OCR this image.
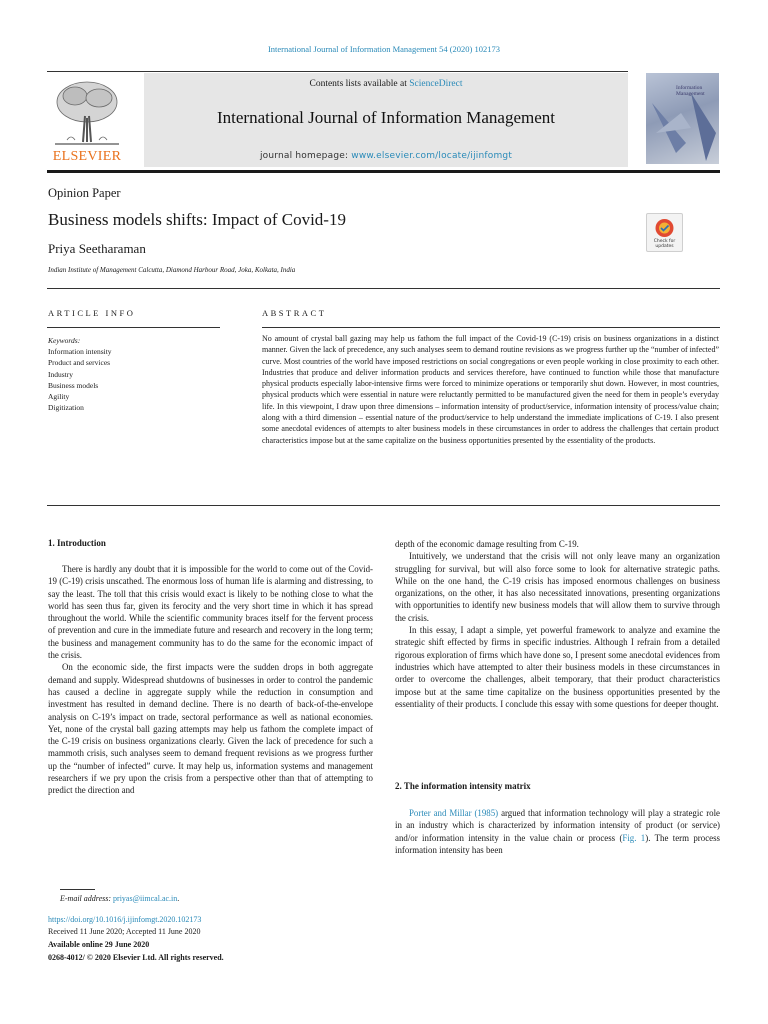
International Journal of Information Management 54 (2020) 102173
ELSEVIER
Contents lists available at ScienceDirect
International Journal of Information Management
journal homepage: www.elsevier.com/locate/ijinfomgt
Information
Management
Opinion Paper
Business models shifts: Impact of Covid-19
Priya Seetharaman
Indian Institute of Management Calcutta, Diamond Harbour Road, Joka, Kolkata, India
Check for
updates
ARTICLE INFO	ABSTRACT
Keywords:
Information intensity
Product and services
Industry
Business models
Agility
Digitization
No amount of crystal ball gazing may help us fathom the full impact of the Covid-19 (C-19) crisis on business organizations in a distinct manner. Given the lack of precedence, any such analyses seem to demand routine revisions as we progress further up the “number of infected” curve. Most countries of the world have imposed restrictions on social congregations or even people working in close proximity to each other. Industries that produce and deliver information products and services therefore, have continued to function while those that manufacture physical products especially labor-intensive firms were forced to minimize operations or temporarily shut down. However, in most countries, physical products which were essential in nature were reluctantly permitted to be manufactured given the need for them in people’s everyday life. In this viewpoint, I draw upon three dimensions – information intensity of product/service, information intensity of process/value chain; along with a third dimension – essential nature of the product/service to help understand the immediate implications of C-19. I also present some anecdotal evidences of attempts to alter business models in these circumstances in order to address the challenges that certain product characteristics impose but at the same capitalize on the business opportunities presented by the essentiality of the products.
1. Introduction

There is hardly any doubt that it is impossible for the world to come out of the Covid-19 (C-19) crisis unscathed. The enormous loss of human life is alarming and distressing, to say the least. The toll that this crisis would exact is likely to be nothing close to what the world has seen thus far, given its ferocity and the very short time in which it has spread throughout the world. While the scientific community braces itself for the fervent process of prevention and cure in the immediate future and research and recovery in the long term; the business and management community has to do the same for the economic impact of the crisis.

On the economic side, the first impacts were the sudden drops in both aggregate demand and supply. Widespread shutdowns of businesses in order to control the pandemic has caused a decline in aggregate supply while the reduction in consumption and investment has resulted in demand decline. There is no dearth of back-of-the-envelope analysis on C-19’s impact on trade, sectoral performance as well as national economies. Yet, none of the crystal ball gazing attempts may help us fathom the complete impact of the C-19 crisis on business organizations clearly. Given the lack of precedence for such a mammoth crisis, such analyses seem to demand frequent revisions as we progress further up the “number of infected” curve. It may help us, information systems and management researchers if we pry upon the crisis from a perspective other than that of attempting to predict the direction and

depth of the economic damage resulting from C-19.

Intuitively, we understand that the crisis will not only leave many an organization struggling for survival, but will also force some to look for alternative strategic paths. While on the one hand, the C-19 crisis has imposed enormous challenges on business organizations, on the other, it has also necessitated innovations, presenting organizations with opportunities to identify new business models that will allow them to survive through the crisis.

In this essay, I adapt a simple, yet powerful framework to analyze and examine the strategic shift effected by firms in specific industries. Although I refrain from a detailed rigorous exploration of firms which have done so, I present some anecdotal evidences from industries which have attempted to alter their business models in these circumstances in order to overcome the challenges, albeit temporary, that their product characteristics impose but at the same time capitalize on the business opportunities presented by the essentiality of their products. I conclude this essay with some questions for deeper thought.

2. The information intensity matrix

Porter and Millar (1985) argued that information technology will play a strategic role in an industry which is characterized by information intensity of product (or service) and/or information intensity in the value chain or process (Fig. 1). The term process information intensity has been

E-mail address: priyas@iimcal.ac.in.
https://doi.org/10.1016/j.ijinfomgt.2020.102173
Received 11 June 2020; Accepted 11 June 2020
Available online 29 June 2020
0268-4012/ © 2020 Elsevier Ltd. All rights reserved.
